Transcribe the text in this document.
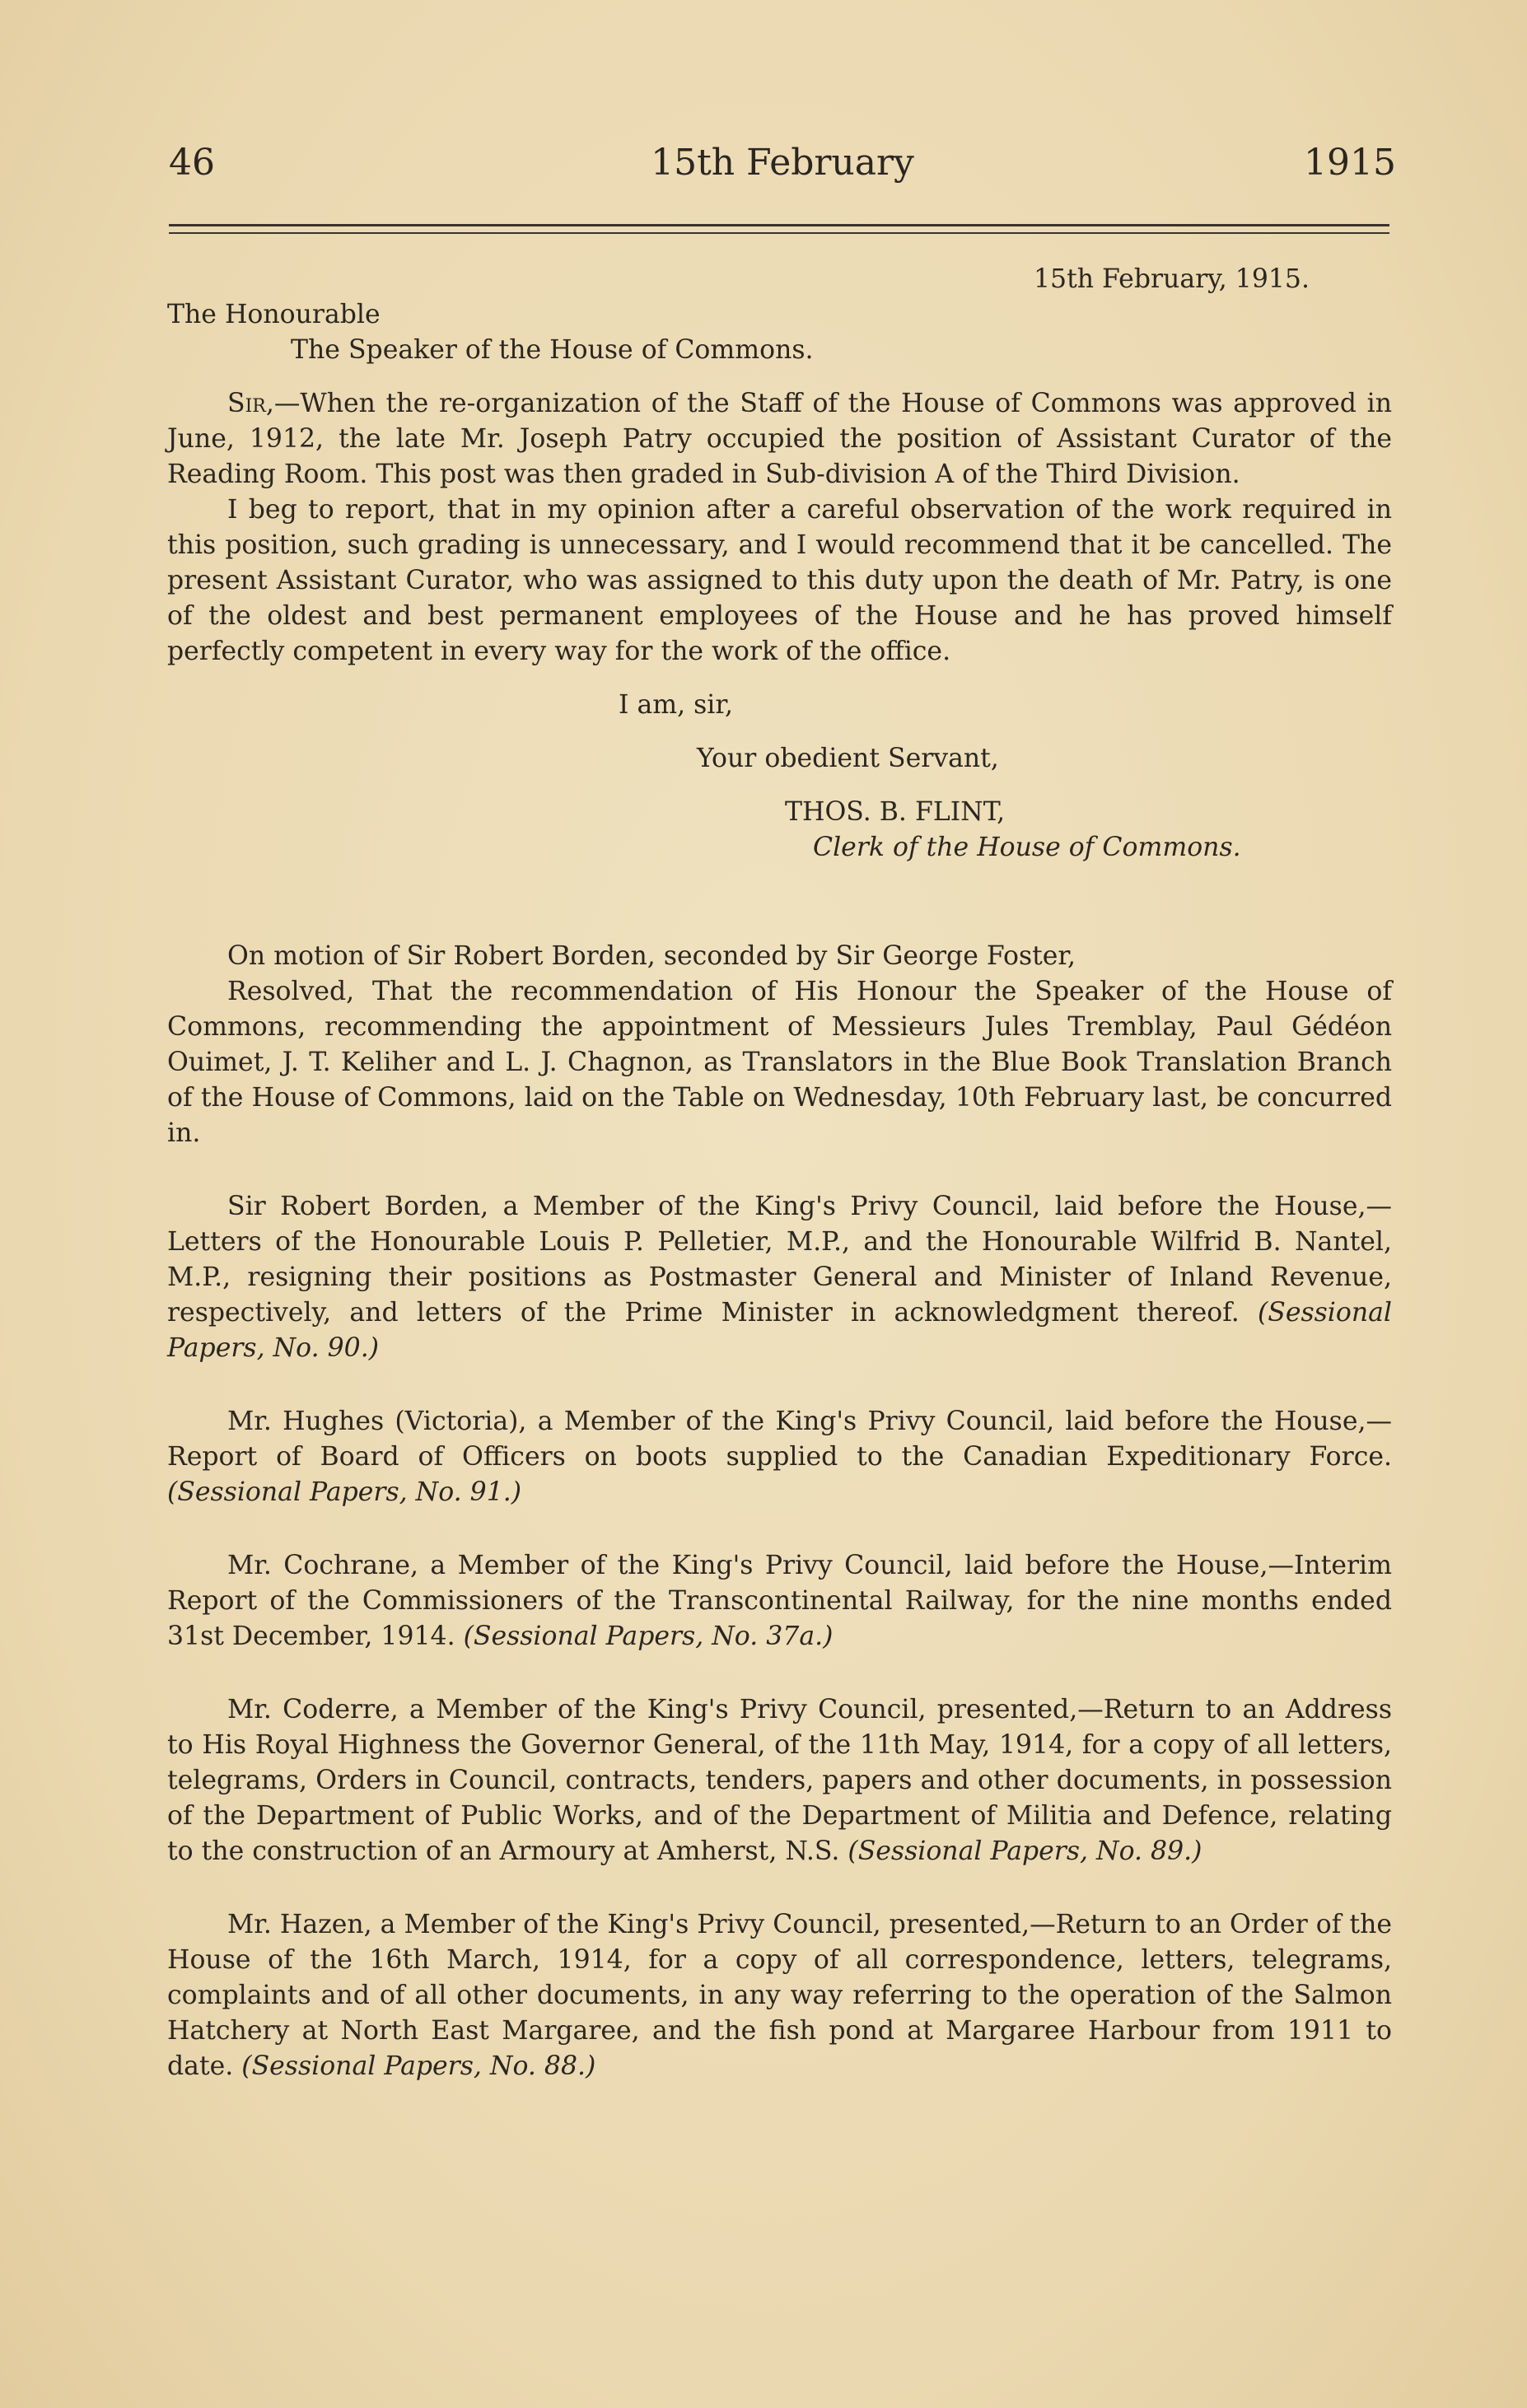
46	15th February	1915

15th February, 1915.

The Honourable

The Speaker of the House of Commons.

Sir,—When the re-organization of the Staff of the House of Commons was approved in June, 1912, the late Mr. Joseph Patry occupied the position of Assistant Curator of the Reading Room. This post was then graded in Sub-division A of the Third Division.

I beg to report, that in my opinion after a careful observation of the work required in this position, such grading is unnecessary, and I would recommend that it be cancelled. The present Assistant Curator, who was assigned to this duty upon the death of Mr. Patry, is one of the oldest and best permanent employees of the House and he has proved himself perfectly competent in every way for the work of the office.

I am, sir,

Your obedient Servant,

THOS. B. FLINT,

Clerk of the House of Commons.

On motion of Sir Robert Borden, seconded by Sir George Foster,

Resolved, That the recommendation of His Honour the Speaker of the House of Commons, recommending the appointment of Messieurs Jules Tremblay, Paul Gédéon Ouimet, J. T. Keliher and L. J. Chagnon, as Translators in the Blue Book Translation Branch of the House of Commons, laid on the Table on Wednesday, 10th February last, be concurred in.

Sir Robert Borden, a Member of the King's Privy Council, laid before the House,—Letters of the Honourable Louis P. Pelletier, M.P., and the Honourable Wilfrid B. Nantel, M.P., resigning their positions as Postmaster General and Minister of Inland Revenue, respectively, and letters of the Prime Minister in acknowledgment thereof. (Sessional Papers, No. 90.)

Mr. Hughes (Victoria), a Member of the King's Privy Council, laid before the House,—Report of Board of Officers on boots supplied to the Canadian Expeditionary Force. (Sessional Papers, No. 91.)

Mr. Cochrane, a Member of the King's Privy Council, laid before the House,—Interim Report of the Commissioners of the Transcontinental Railway, for the nine months ended 31st December, 1914. (Sessional Papers, No. 37a.)

Mr. Coderre, a Member of the King's Privy Council, presented,—Return to an Address to His Royal Highness the Governor General, of the 11th May, 1914, for a copy of all letters, telegrams, Orders in Council, contracts, tenders, papers and other documents, in possession of the Department of Public Works, and of the Department of Militia and Defence, relating to the construction of an Armoury at Amherst, N.S. (Sessional Papers, No. 89.)

Mr. Hazen, a Member of the King's Privy Council, presented,—Return to an Order of the House of the 16th March, 1914, for a copy of all correspondence, letters, telegrams, complaints and of all other documents, in any way referring to the operation of the Salmon Hatchery at North East Margaree, and the fish pond at Margaree Harbour from 1911 to date. (Sessional Papers, No. 88.)
